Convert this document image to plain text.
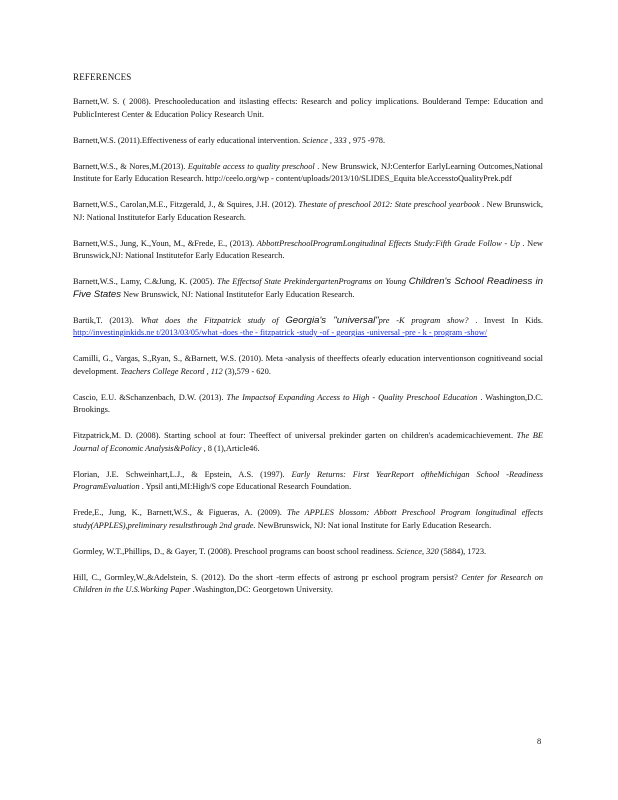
REFERENCES

Barnett,W. S. ( 2008). Preschooleducation and itslasting effects: Research and policy implications. Boulderand Tempe: Education and PublicInterest Center & Education Policy Research Unit.

Barnett,W.S. (2011).Effectiveness of early educational intervention. Science , 333 , 975 -978.

Barnett,W.S., & Nores,M.(2013). Equitable access to quality preschool . New Brunswick, NJ:Centerfor EarlyLearning Outcomes,National Institute for Early Education Research. http://ceelo.org/wp - content/uploads/2013/10/SLIDES_Equita bleAccesstoQualityPrek.pdf

Barnett,W.S., Carolan,M.E., Fitzgerald, J., & Squires, J.H. (2012). Thestate of preschool 2012: State preschool yearbook . New Brunswick, NJ: National Institutefor Early Education Research.

Barnett,W.S., Jung, K.,Youn, M., &Frede, E., (2013). AbbottPreschoolProgramLongitudinal Effects Study:Fifth Grade Follow - Up . New Brunswick,NJ: National Institutefor Early Education Research.

Barnett,W.S., Lamy, C.&Jung, K. (2005). The Effectsof State PrekindergartenPrograms on Young Children's School Readiness in Five States New Brunswick, NJ: National Institutefor Early Education Research.

Bartik,T. (2013). What does the Fitzpatrick study of Georgia's "universal"pre -K program show? . Invest In Kids. http://investinginkids.ne t/2013/03/05/what -does -the - fitzpatrick -study -of - georgias -universal -pre - k - program -show/

Camilli, G., Vargas, S.,Ryan, S., &Barnett, W.S. (2010). Meta -analysis of theeffects ofearly education interventionson cognitiveand social development. Teachers College Record , 112 (3),579 - 620.

Cascio, E.U. &Schanzenbach, D.W. (2013). The Impactsof Expanding Access to High - Quality Preschool Education . Washington,D.C. Brookings.

Fitzpatrick,M. D. (2008). Starting school at four: Theeffect of universal prekinder garten on children's academicachievement. The BE Journal of Economic Analysis&Policy , 8 (1),Article46.

Florian, J.E. Schweinhart,L.J., & Epstein, A.S. (1997). Early Returns: First YearReport oftheMichigan School -Readiness ProgramEvaluation . Ypsil anti,MI:High/S cope Educational Research Foundation.

Frede,E., Jung, K., Barnett,W.S., & Figueras, A. (2009). The APPLES blossom: Abbott Preschool Program longitudinal effects study(APPLES),preliminary resultsthrough 2nd grade. NewBrunswick, NJ: Nat ional Institute for Early Education Research.

Gormley, W.T.,Phillips, D., & Gayer, T. (2008). Preschool programs can boost school readiness. Science, 320 (5884), 1723.

Hill, C., Gormley,W.,&Adelstein, S. (2012). Do the short -term effects of astrong pr eschool program persist? Center for Research on Children in the U.S.Working Paper .Washington,DC: Georgetown University.

8
